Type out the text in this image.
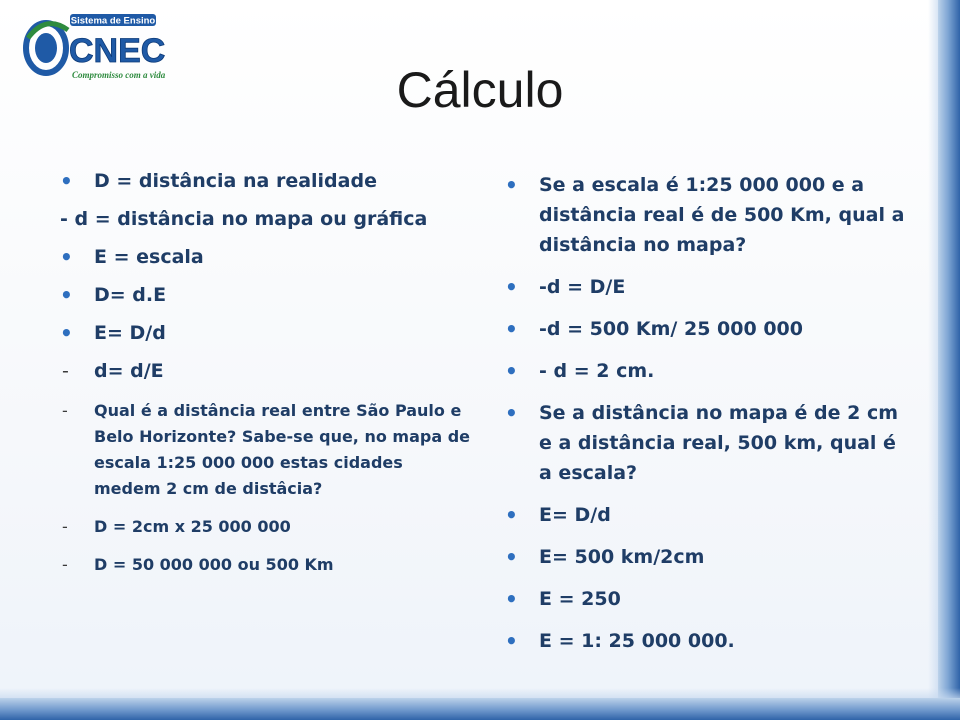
Sistema de Ensino
CNEC
Compromisso com a vida	Cálculo
•	D = distância na realidade
- d = distância no mapa ou gráfica
•	E = escala
•	D= d.E
•	E= D/d
-	d= d/E
-	Qual é a distância real entre São Paulo e Belo Horizonte? Sabe-se que, no mapa de escala 1:25 000 000 estas cidades medem 2 cm de distâcia?
-	D = 2cm x 25 000 000
-	D = 50 000 000 ou 500 Km
•	Se a escala é 1:25 000 000 e a distância real é de 500 Km, qual a distância no mapa?
•	-d = D/E
•	-d = 500 Km/ 25 000 000
•	- d = 2 cm.
•	Se a distância no mapa é de 2 cm e a distância real, 500 km, qual é a escala?
•	E= D/d
•	E= 500 km/2cm
•	E = 250
•	E = 1: 25 000 000.
